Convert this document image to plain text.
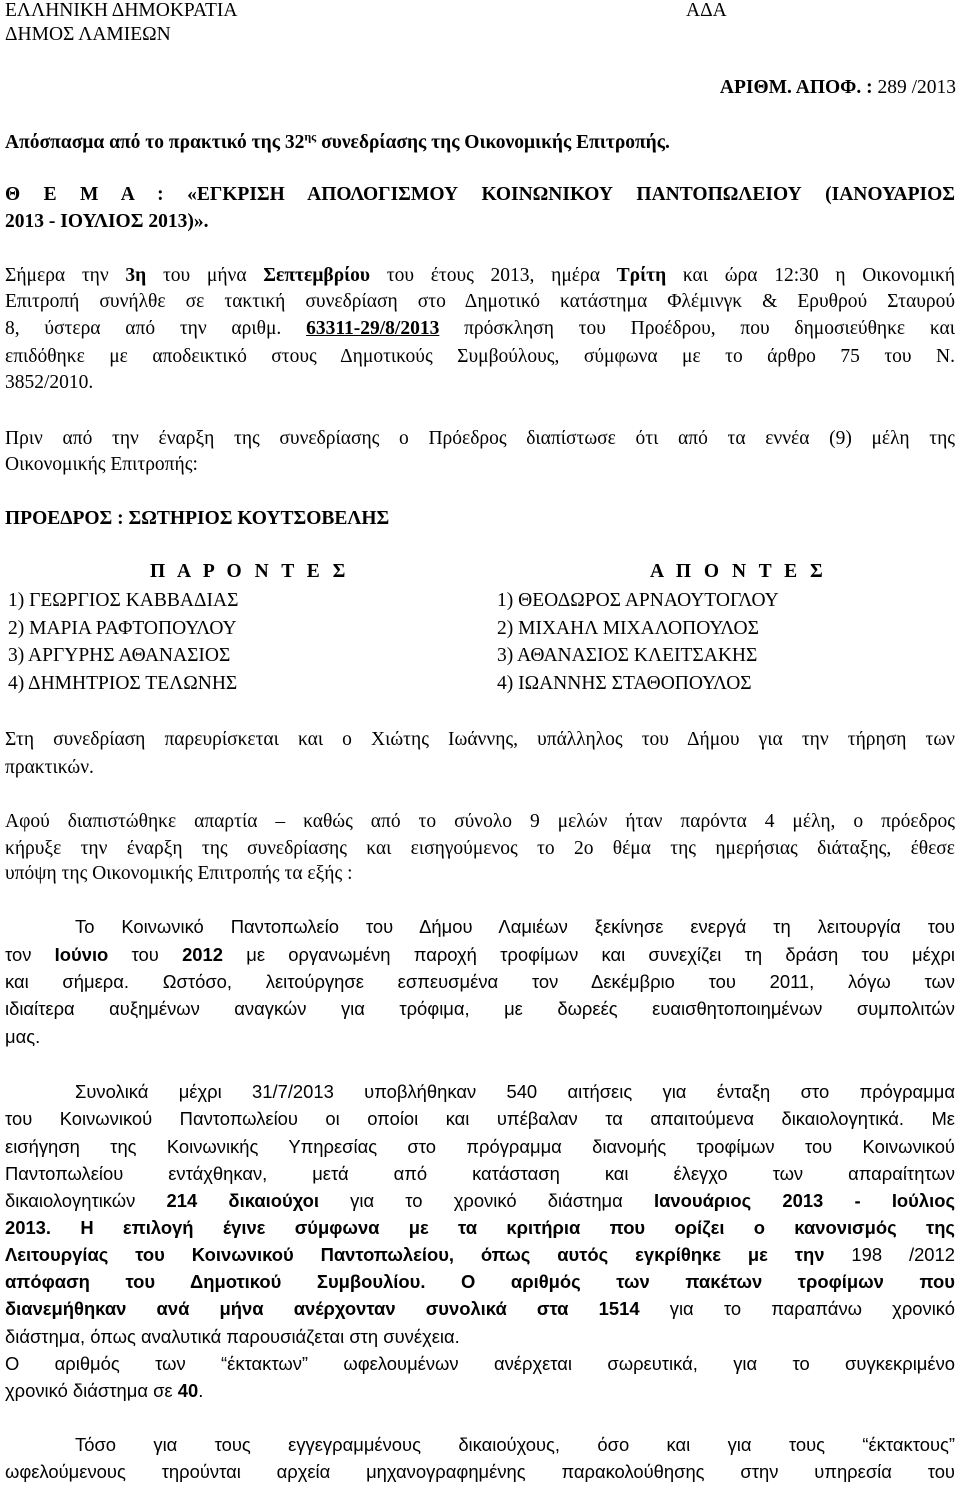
ΕΛΛΗΝΙΚΗ ΔΗΜΟΚΡΑΤΙΑ
ΔΗΜΟΣ ΛΑΜΙΕΩΝ
ΑΔΑ
ΑΡΙΘΜ. ΑΠΟΦ. : 289 /2013
Απόσπασμα από το πρακτικό της $32^{\eta\varsigma}$ συνεδρίασης της Οικονομικής Επιτροπής.
Θ Ε Μ Α : «ΕΓΚΡΙΣΗ ΑΠΟΛΟΓΙΣΜΟΥ ΚΟΙΝΩΝΙΚΟΥ ΠΑΝΤΟΠΩΛΕΙΟΥ (ΙΑΝΟΥΑΡΙΟΣ
2013 - ΙΟΥΛΙΟΣ 2013)».
Σήμερα την 3η του μήνα Σεπτεμβρίου του έτους 2013, ημέρα Τρίτη και ώρα 12:30 η Οικονομική
Επιτροπή συνήλθε σε τακτική συνεδρίαση στο Δημοτικό κατάστημα Φλέμινγκ & Ερυθρού Σταυρού
8, ύστερα από την αριθμ. 63311-29/8/2013 πρόσκληση του Προέδρου, που δημοσιεύθηκε και
επιδόθηκε με αποδεικτικό στους Δημοτικούς Συμβούλους, σύμφωνα με το άρθρο 75 του Ν.
3852/2010.
Πριν από την έναρξη της συνεδρίασης ο Πρόεδρος διαπίστωσε ότι από τα εννέα (9) μέλη της
Οικονομικής Επιτροπής:
ΠΡΟΕΔΡΟΣ : ΣΩΤΗΡΙΟΣ ΚΟΥΤΣΟΒΕΛΗΣ
Π Α Ρ Ο Ν Τ Ε Σ	Α Π Ο Ν Τ Ε Σ
1) ΓΕΩΡΓΙΟΣ ΚΑΒΒΑΔΙΑΣ
2) ΜΑΡΙΑ ΡΑΦΤΟΠΟΥΛΟΥ
3) ΑΡΓΥΡΗΣ ΑΘΑΝΑΣΙΟΣ
4) ΔΗΜΗΤΡΙΟΣ ΤΕΛΩΝΗΣ
1) ΘΕΟΔΩΡΟΣ ΑΡΝΑΟΥΤΟΓΛΟΥ
2) ΜΙΧΑΗΛ ΜΙΧΑΛΟΠΟΥΛΟΣ
3) ΑΘΑΝΑΣΙΟΣ ΚΛΕΙΤΣΑΚΗΣ
4) ΙΩΑΝΝΗΣ ΣΤΑΘΟΠΟΥΛΟΣ
Στη συνεδρίαση παρευρίσκεται και ο Χιώτης Ιωάννης, υπάλληλος του Δήμου για την τήρηση των
πρακτικών.
Αφού διαπιστώθηκε απαρτία – καθώς από το σύνολο 9 μελών ήταν παρόντα 4 μέλη, ο πρόεδρος
κήρυξε την έναρξη της συνεδρίασης και εισηγούμενος το 2ο θέμα της ημερήσιας διάταξης, έθεσε
υπόψη της Οικονομικής Επιτροπής τα εξής :
Το Κοινωνικό Παντοπωλείο του Δήμου Λαμιέων ξεκίνησε ενεργά τη λειτουργία του
τον Ιούνιο του 2012 με οργανωμένη παροχή τροφίμων και συνεχίζει τη δράση του μέχρι
και σήμερα. Ωστόσο, λειτούργησε εσπευσμένα τον Δεκέμβριο του 2011, λόγω των
ιδιαίτερα αυξημένων αναγκών για τρόφιμα, με δωρεές ευαισθητοποιημένων συμπολιτών
μας.
Συνολικά μέχρι 31/7/2013 υποβλήθηκαν 540 αιτήσεις για ένταξη στο πρόγραμμα
του Κοινωνικού Παντοπωλείου οι οποίοι και υπέβαλαν τα απαιτούμενα δικαιολογητικά. Με
εισήγηση της Κοινωνικής Υπηρεσίας στο πρόγραμμα διανομής τροφίμων του Κοινωνικού
Παντοπωλείου εντάχθηκαν, μετά από κατάσταση και έλεγχο των απαραίτητων
δικαιολογητικών 214 δικαιούχοι για το χρονικό διάστημα Ιανουάριος 2013 - Ιούλιος
2013. Η επιλογή έγινε σύμφωνα με τα κριτήρια που ορίζει ο κανονισμός της
Λειτουργίας του Κοινωνικού Παντοπωλείου, όπως αυτός εγκρίθηκε με την 198 /2012
απόφαση του Δημοτικού Συμβουλίου. Ο αριθμός των πακέτων τροφίμων που
διανεμήθηκαν ανά μήνα ανέρχονταν συνολικά στα 1514 για το παραπάνω χρονικό
διάστημα, όπως αναλυτικά παρουσιάζεται στη συνέχεια.
Ο αριθμός των “έκτακτων” ωφελουμένων ανέρχεται σωρευτικά, για το συγκεκριμένο
χρονικό διάστημα σε 40.
Τόσο για τους εγγεγραμμένους δικαιούχους, όσο και για τους “έκτακτους”
ωφελούμενους τηρούνται αρχεία μηχανογραφημένης παρακολούθησης στην υπηρεσία του
